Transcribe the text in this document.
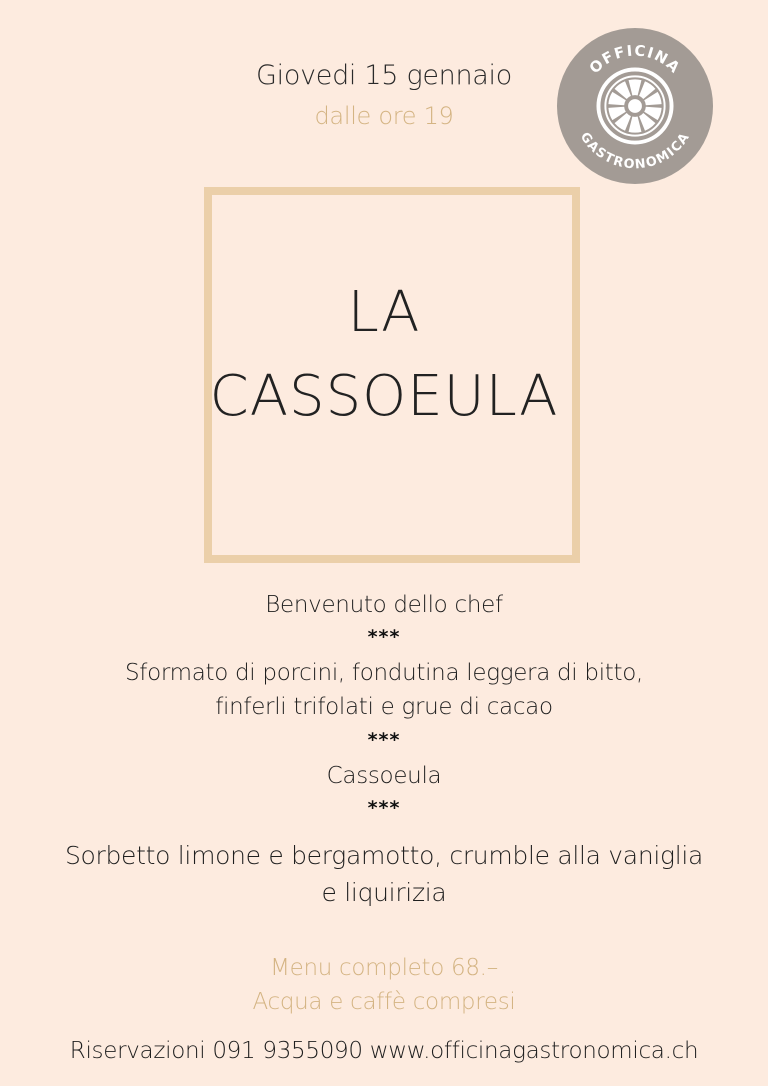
Giovedi 15 gennaio
dalle ore 19
LA
CASSOEULA
Benvenuto dello chef
***
Sformato di porcini, fondutina leggera di bitto,
finferli trifolati e grue di cacao
***
Cassoeula
***
Sorbetto limone e bergamotto, crumble alla vaniglia
e liquirizia
Menu completo 68.–
Acqua e caffè compresi
Riservazioni 091 9355090 www.officinagastronomica.ch
OFFICINA
GASTRONOMICA
